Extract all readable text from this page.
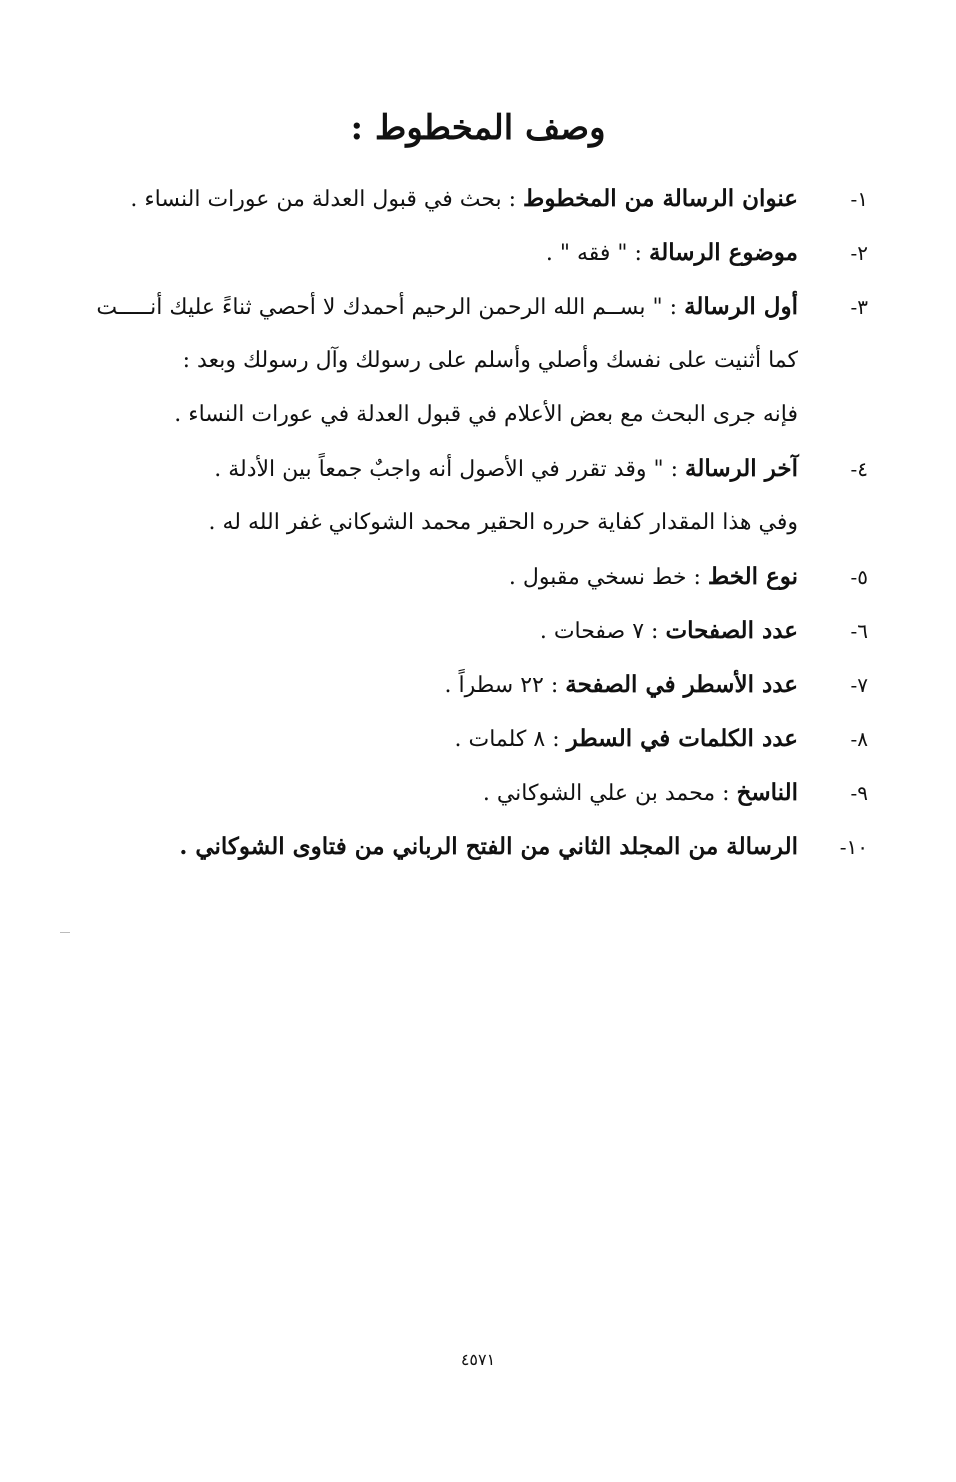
وصف المخطوط :
١-
عنوان الرسالة من المخطوط : بحث في قبول العدلة من عورات النساء .
٢-
موضوع الرسالة : " فقه " .
٣-
أول الرسالة : " بســم الله الرحمن الرحيم أحمدك لا أحصي ثناءً عليك أنـــــت
كما أثنيت على نفسك وأصلي وأسلم على رسولك وآل رسولك وبعد :
فإنه جرى البحث مع بعض الأعلام في قبول العدلة في عورات النساء .
٤-
آخر الرسالة : " وقد تقرر في الأصول أنه واجبٌ جمعاً بين الأدلة .
وفي هذا المقدار كفاية حرره الحقير محمد الشوكاني غفر الله له .
٥-
نوع الخط : خط نسخي مقبول .
٦-
عدد الصفحات : ٧ صفحات .
٧-
عدد الأسطر في الصفحة : ٢٢ سطراً .
٨-
عدد الكلمات في السطر : ٨ كلمات .
٩-
الناسخ : محمد بن علي الشوكاني .
١٠-
الرسالة من المجلد الثاني من الفتح الرباني من فتاوى الشوكاني .
٤٥٧١
